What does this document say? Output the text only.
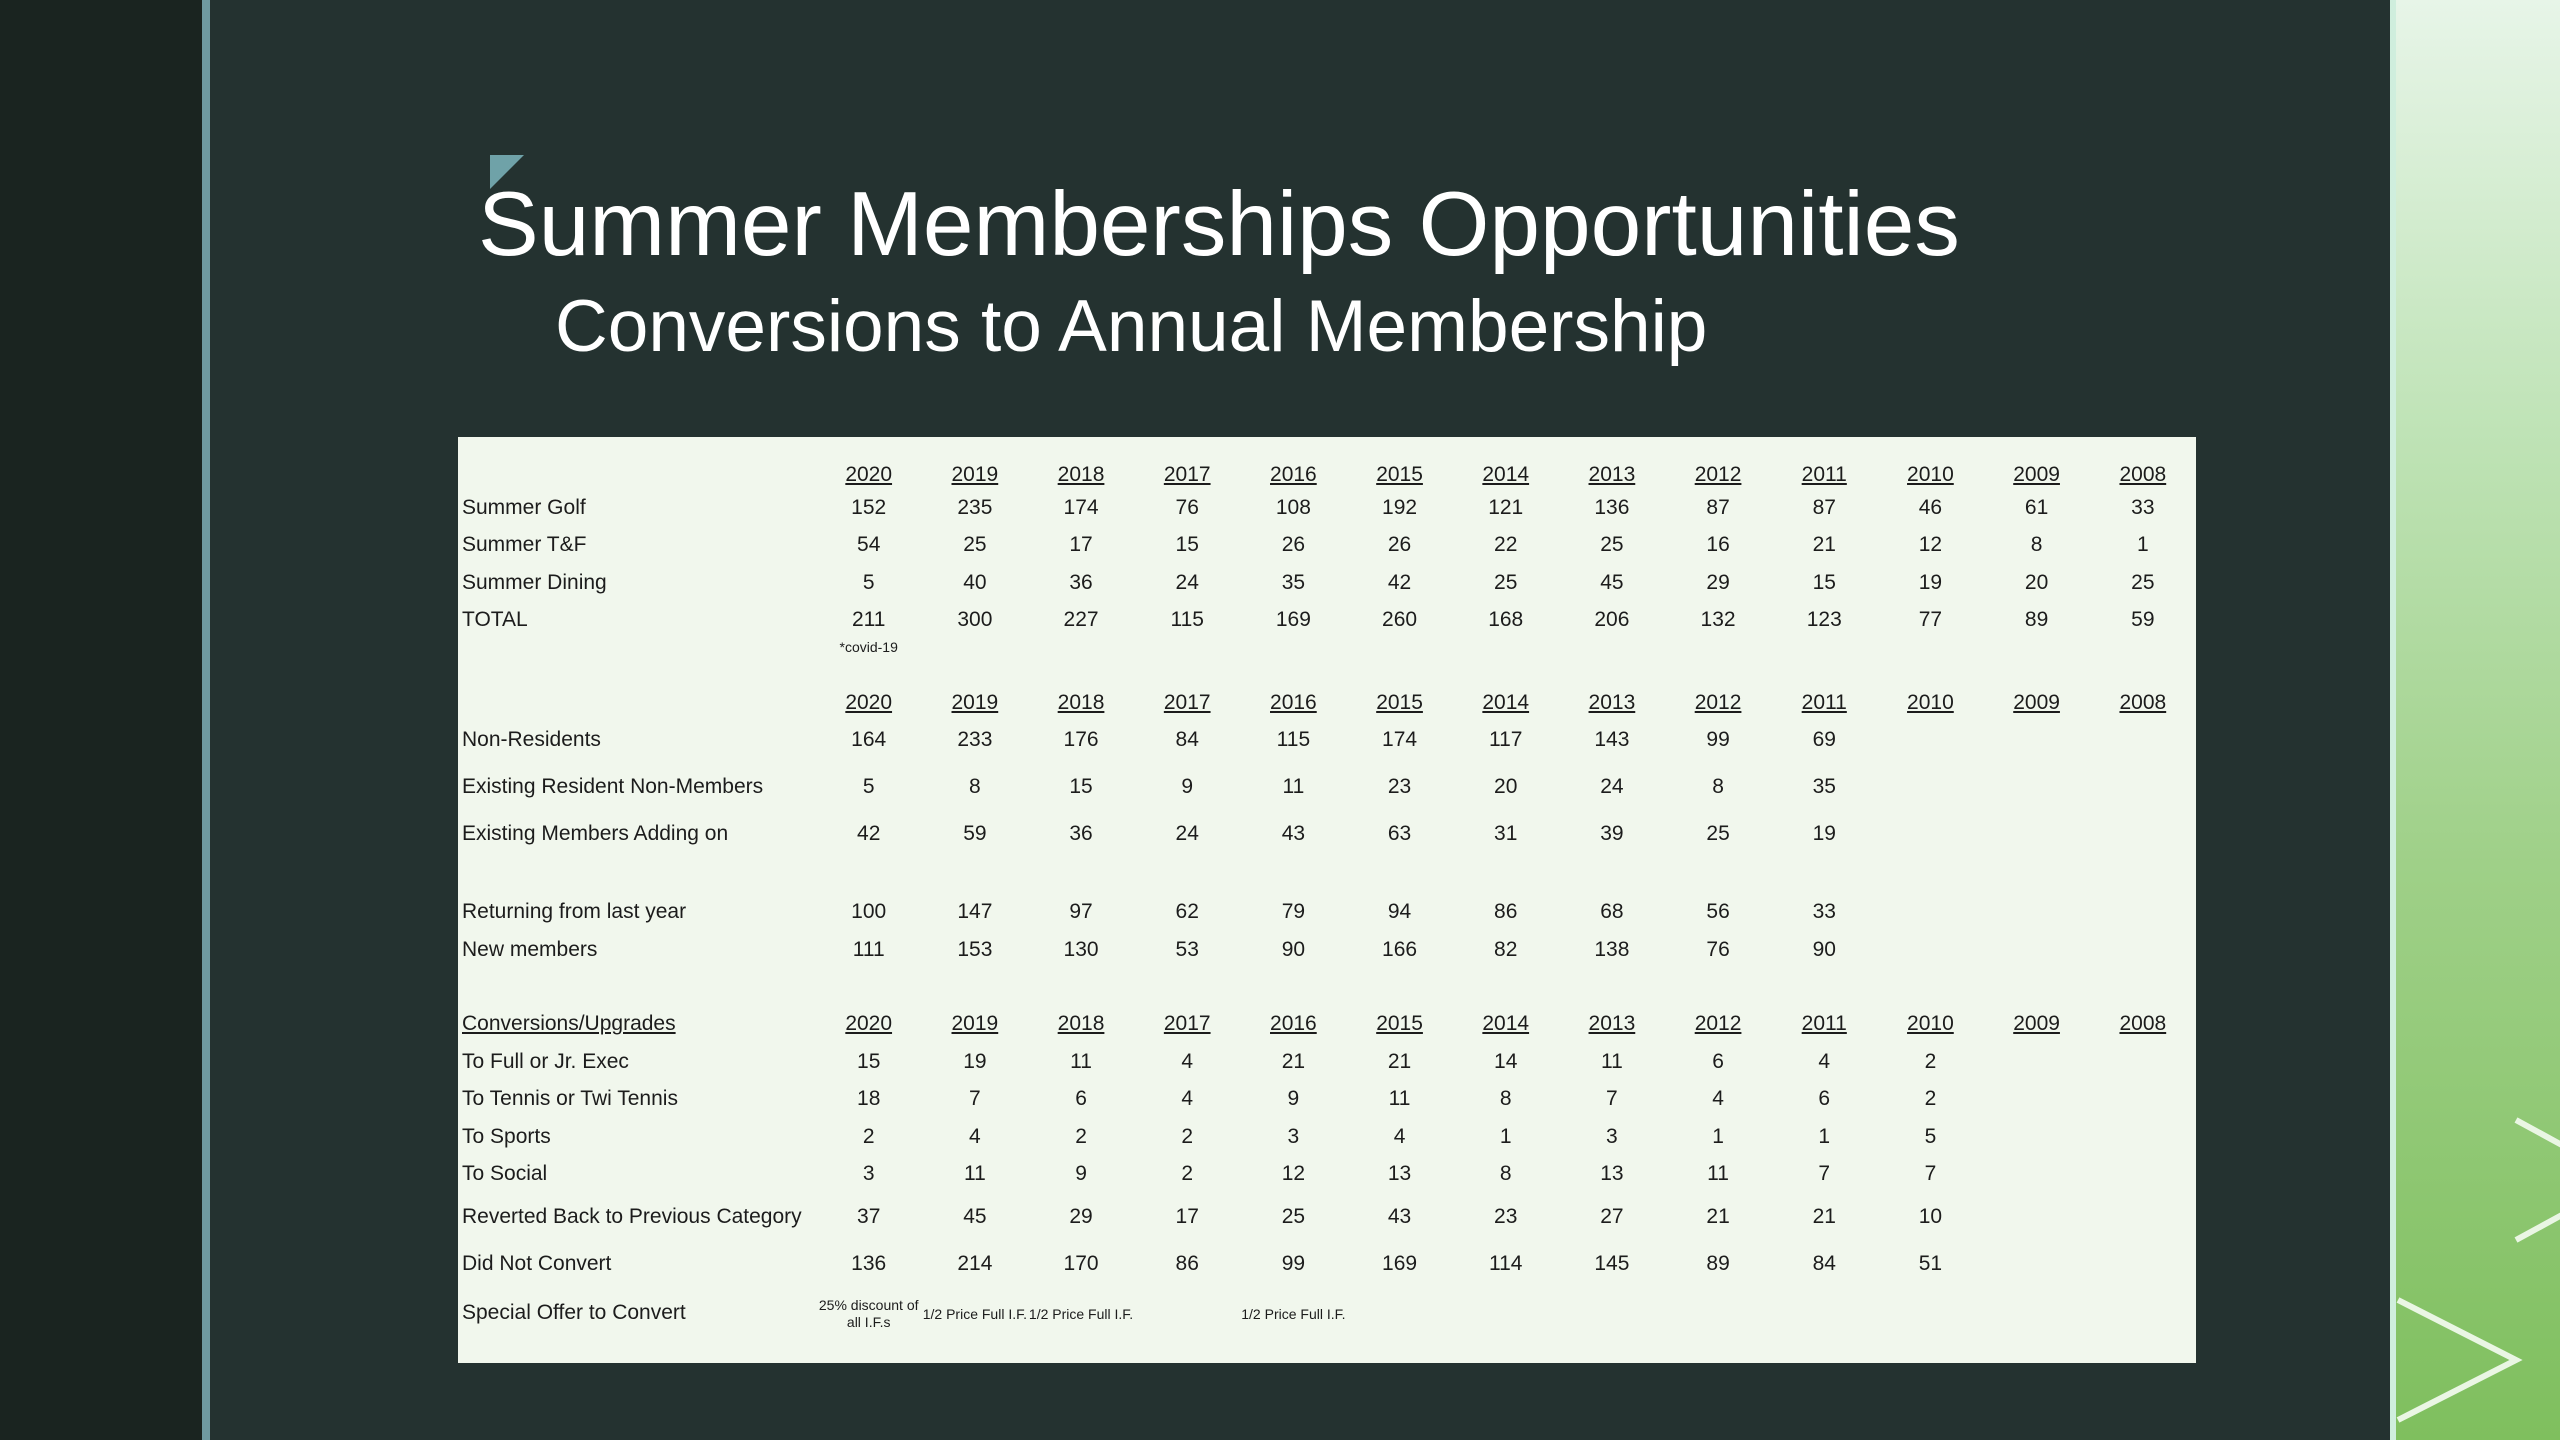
Summer Memberships Opportunities
Conversions to Annual Membership
	2020	2019	2018	2017	2016	2015	2014	2013	2012	2011	2010	2009	2008
Summer Golf	152	235	174	76	108	192	121	136	87	87	46	61	33
Summer T&F	54	25	17	15	26	26	22	25	16	21	12	8	1
Summer Dining	5	40	36	24	35	42	25	45	29	15	19	20	25
TOTAL	211	300	227	115	169	260	168	206	132	123	77	89	59
	*covid-19												
	2020	2019	2018	2017	2016	2015	2014	2013	2012	2011	2010	2009	2008
Non-Residents	164	233	176	84	115	174	117	143	99	69			
Existing Resident Non-Members	5	8	15	9	11	23	20	24	8	35			
Existing Members Adding on	42	59	36	24	43	63	31	39	25	19			

Returning from last year	100	147	97	62	79	94	86	68	56	33			
New members	111	153	130	53	90	166	82	138	76	90			

Conversions/Upgrades	2020	2019	2018	2017	2016	2015	2014	2013	2012	2011	2010	2009	2008
To Full or Jr. Exec	15	19	11	4	21	21	14	11	6	4	2		
To Tennis or Twi Tennis	18	7	6	4	9	11	8	7	4	6	2		
To Sports	2	4	2	2	3	4	1	3	1	1	5		
To Social	3	11	9	2	12	13	8	13	11	7	7		
Reverted Back to Previous Category	37	45	29	17	25	43	23	27	21	21	10		
Did Not Convert	136	214	170	86	99	169	114	145	89	84	51		
Special Offer to Convert	25% discount of all I.F.s	1/2 Price Full I.F.	1/2 Price Full I.F.		1/2 Price Full I.F.								
